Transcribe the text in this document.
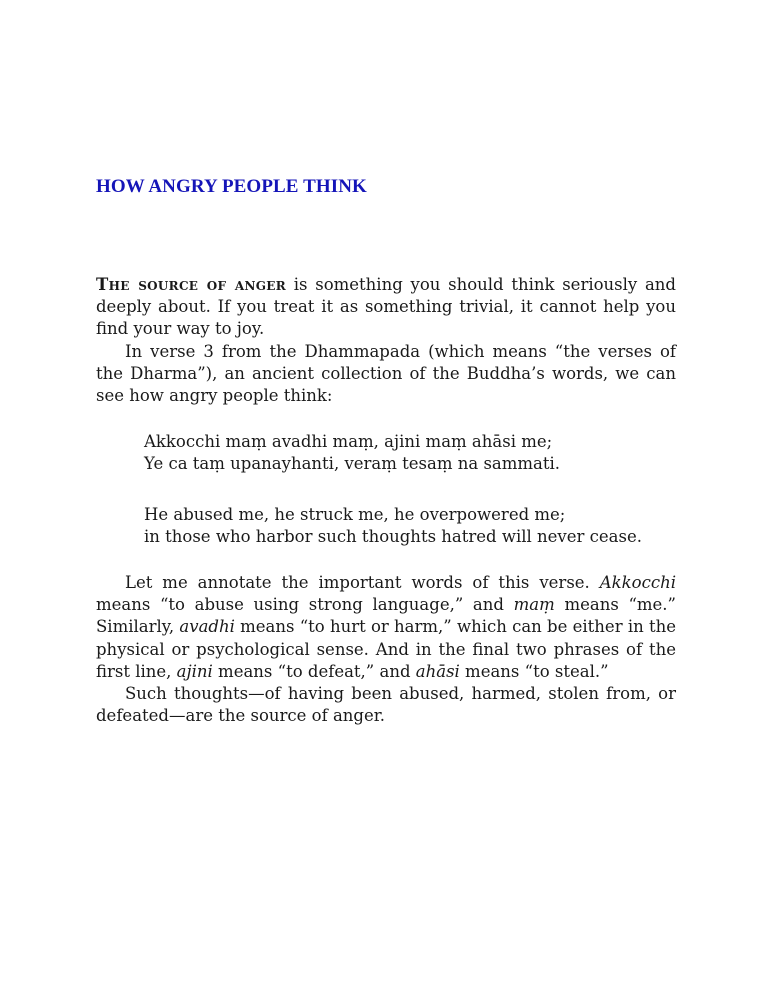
HOW ANGRY PEOPLE THINK

The source of anger is something you should think seriously and deeply about. If you treat it as something trivial, it cannot help you find your way to joy.

In verse 3 from the Dhammapada (which means “the verses of the Dharma”), an ancient collection of the Buddha’s words, we can see how angry people think:

Akkocchi maṃ avadhi maṃ, ajini maṃ ahāsi me;
Ye ca taṃ upanayhanti, veraṃ tesaṃ na sammati.
He abused me, he struck me, he overpowered me;
in those who harbor such thoughts hatred will never cease.

Let me annotate the important words of this verse. Akkocchi means “to abuse using strong language,” and maṃ means “me.” Similarly, avadhi means “to hurt or harm,” which can be either in the physical or psychological sense. And in the final two phrases of the first line, ajini means “to defeat,” and ahāsi means “to steal.”

Such thoughts—of having been abused, harmed, stolen from, or defeated—are the source of anger.
